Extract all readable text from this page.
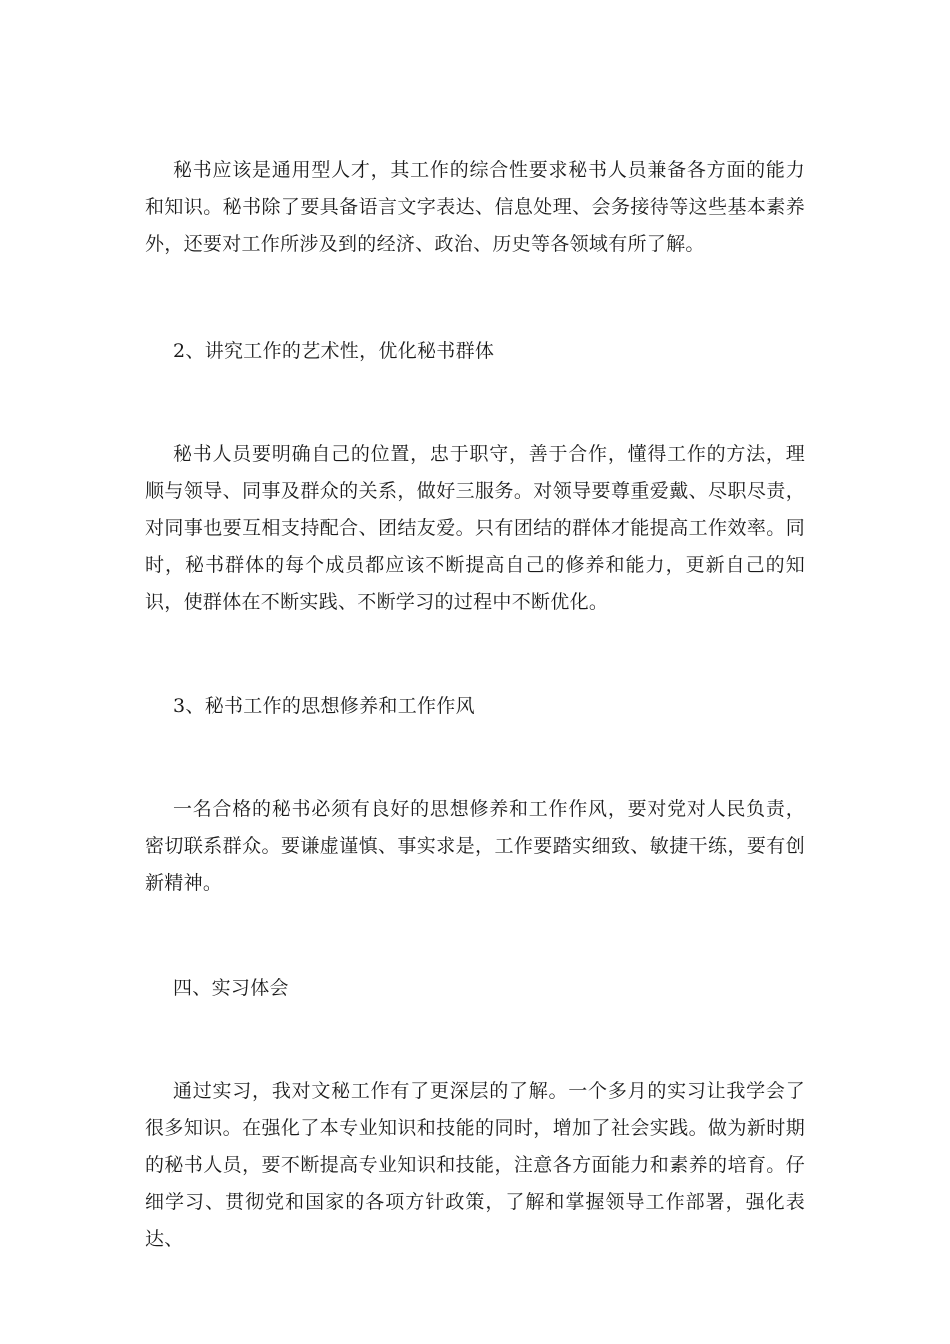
秘书应该是通用型人才，其工作的综合性要求秘书人员兼备各方面的能力和知识。秘书除了要具备语言文字表达、信息处理、会务接待等这些基本素养外，还要对工作所涉及到的经济、政治、历史等各领域有所了解。

2、讲究工作的艺术性，优化秘书群体

秘书人员要明确自己的位置，忠于职守，善于合作，懂得工作的方法，理顺与领导、同事及群众的关系，做好三服务。对领导要尊重爱戴、尽职尽责，对同事也要互相支持配合、团结友爱。只有团结的群体才能提高工作效率。同时，秘书群体的每个成员都应该不断提高自己的修养和能力，更新自己的知识，使群体在不断实践、不断学习的过程中不断优化。

3、秘书工作的思想修养和工作作风

一名合格的秘书必须有良好的思想修养和工作作风，要对党对人民负责，密切联系群众。要谦虚谨慎、事实求是，工作要踏实细致、敏捷干练，要有创新精神。

四、实习体会

通过实习，我对文秘工作有了更深层的了解。一个多月的实习让我学会了很多知识。在强化了本专业知识和技能的同时，增加了社会实践。做为新时期的秘书人员，要不断提高专业知识和技能，注意各方面能力和素养的培育。仔细学习、贯彻党和国家的各项方针政策，了解和掌握领导工作部署，强化表达、
